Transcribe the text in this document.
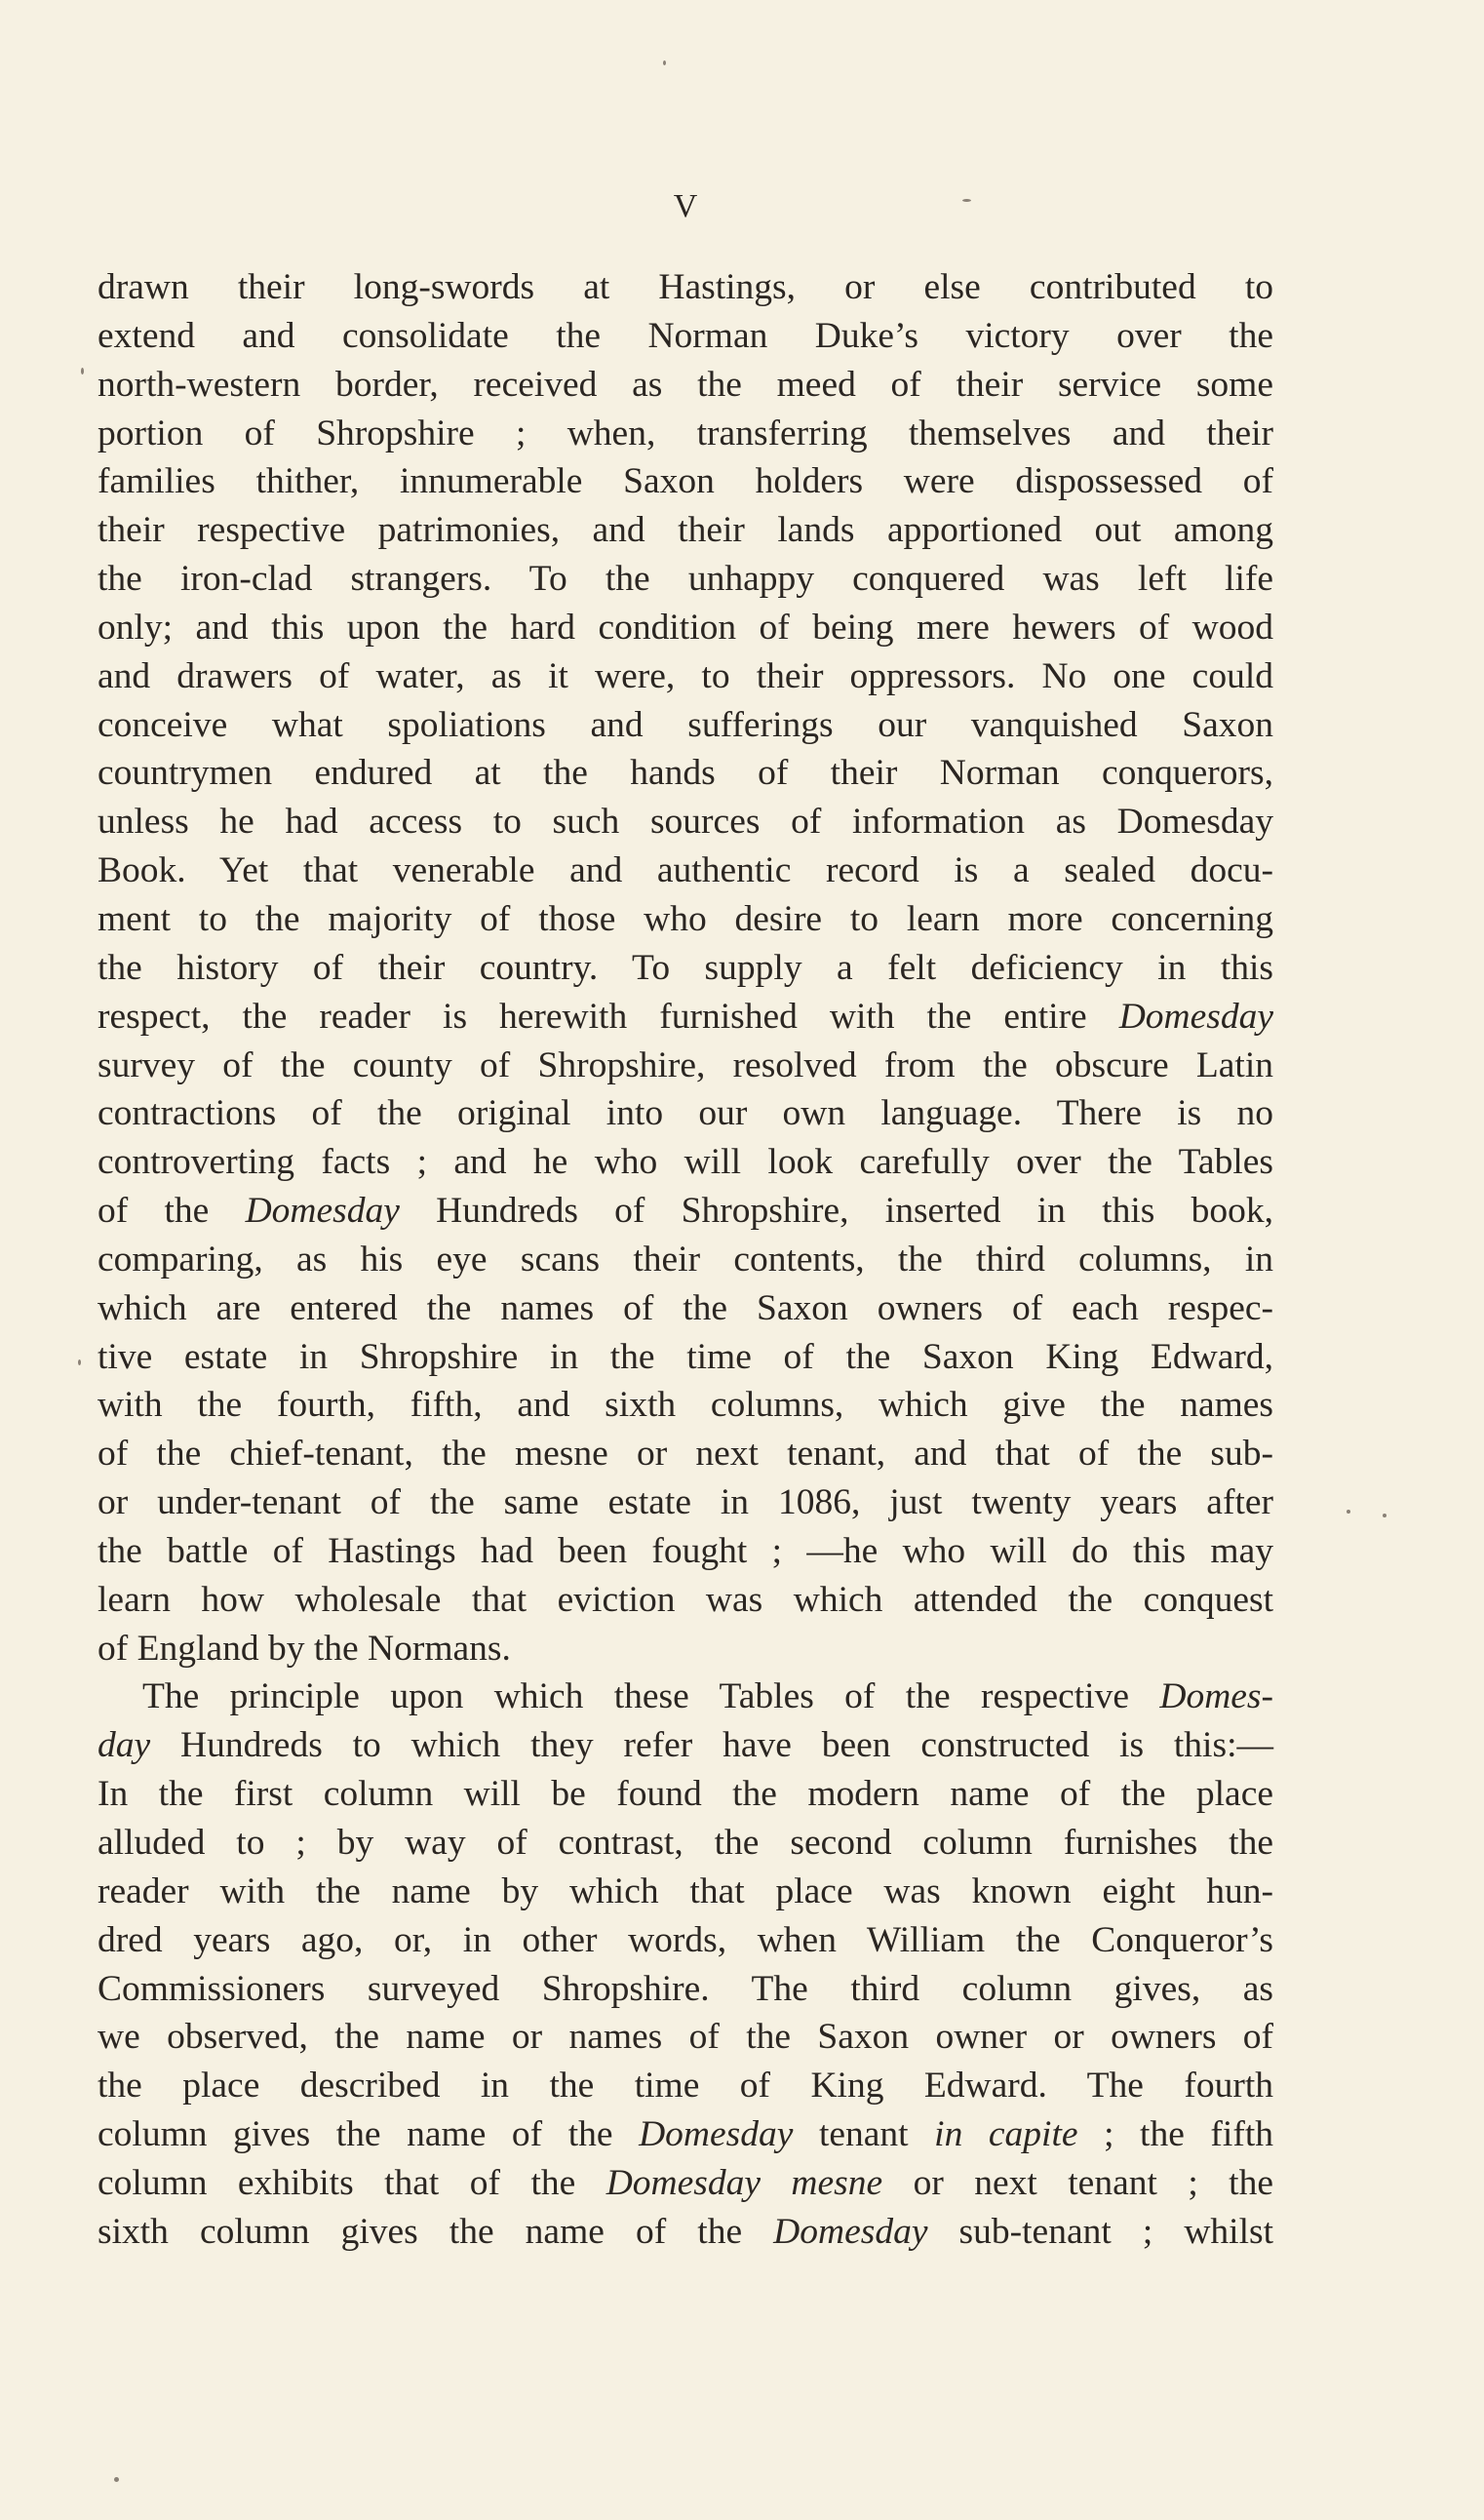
V
drawn their long-swords at Hastings, or else contributed to
extend and consolidate the Norman Duke’s victory over the
north-western border, received as the meed of their service some
portion of Shropshire ; when, transferring themselves and their
families thither, innumerable Saxon holders were dispossessed of
their respective patrimonies, and their lands apportioned out among
the iron-clad strangers. To the unhappy conquered was left life
only; and this upon the hard condition of being mere hewers of wood
and drawers of water, as it were, to their oppressors. No one could
conceive what spoliations and sufferings our vanquished Saxon
countrymen endured at the hands of their Norman conquerors,
unless he had access to such sources of information as Domesday
Book. Yet that venerable and authentic record is a sealed docu-
ment to the majority of those who desire to learn more concerning
the history of their country. To supply a felt deficiency in this
respect, the reader is herewith furnished with the entire Domesday
survey of the county of Shropshire, resolved from the obscure Latin
contractions of the original into our own language. There is no
controverting facts ; and he who will look carefully over the Tables
of the Domesday Hundreds of Shropshire, inserted in this book,
comparing, as his eye scans their contents, the third columns, in
which are entered the names of the Saxon owners of each respec-
tive estate in Shropshire in the time of the Saxon King Edward,
with the fourth, fifth, and sixth columns, which give the names
of the chief-tenant, the mesne or next tenant, and that of the sub-
or under-tenant of the same estate in 1086, just twenty years after
the battle of Hastings had been fought ; —he who will do this may
learn how wholesale that eviction was which attended the conquest
of England by the Normans.
The principle upon which these Tables of the respective Domes-
day Hundreds to which they refer have been constructed is this:—
In the first column will be found the modern name of the place
alluded to ; by way of contrast, the second column furnishes the
reader with the name by which that place was known eight hun-
dred years ago, or, in other words, when William the Conqueror’s
Commissioners surveyed Shropshire. The third column gives, as
we observed, the name or names of the Saxon owner or owners of
the place described in the time of King Edward. The fourth
column gives the name of the Domesday tenant in capite ; the fifth
column exhibits that of the Domesday mesne or next tenant ; the
sixth column gives the name of the Domesday sub-tenant ; whilst
